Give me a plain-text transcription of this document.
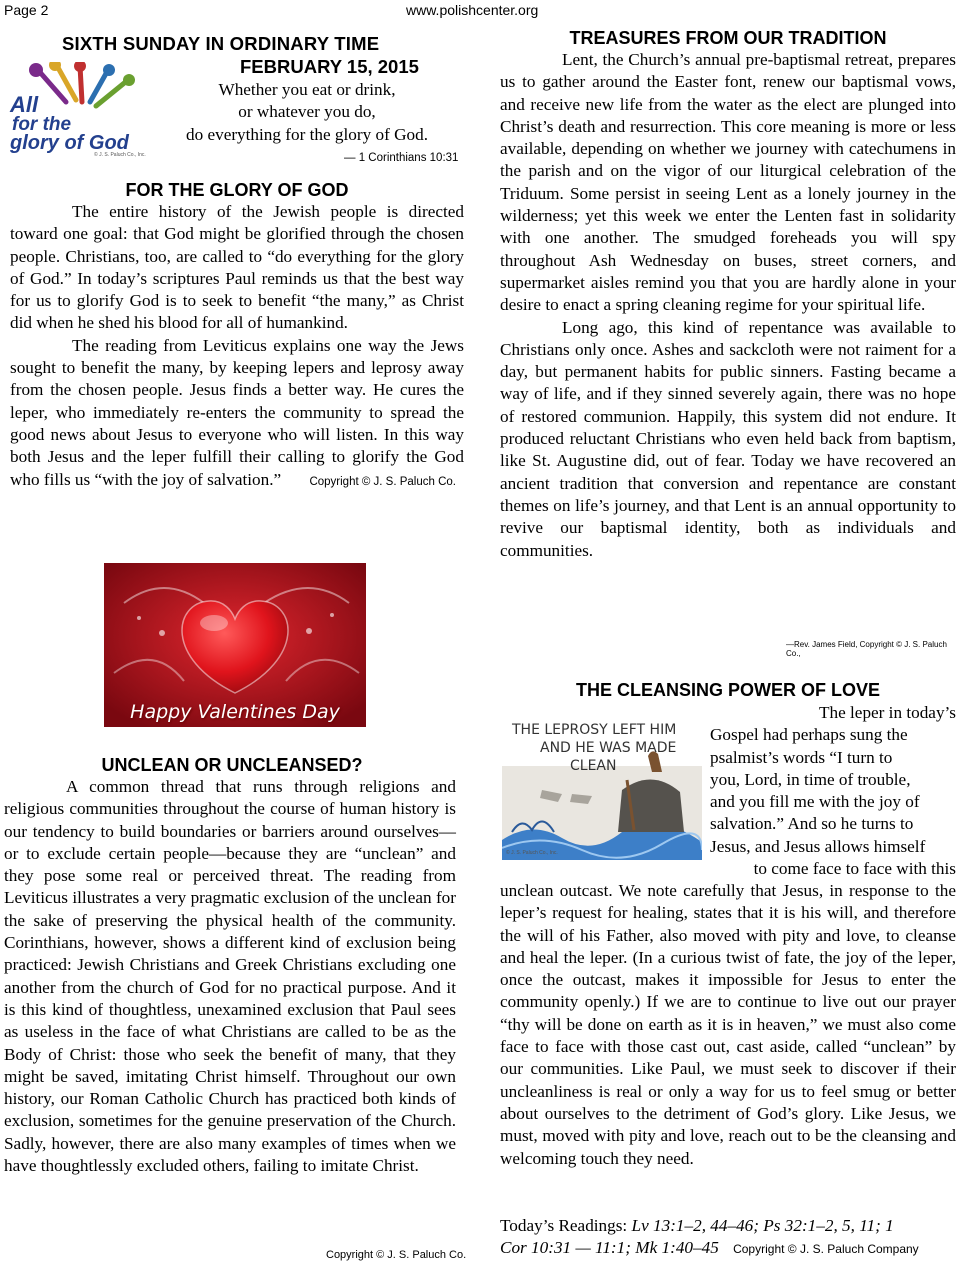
Page 2	www.polishcenter.org
SIXTH SUNDAY IN ORDINARY TIME
FEBRUARY 15, 2015
All
for the
glory of God
© J. S. Paluch Co., Inc.
Whether you eat or drink,
or whatever you do,
do everything for the glory of God.
— 1 Corinthians 10:31
FOR THE GLORY OF GOD

The entire history of the Jewish people is directed toward one goal: that God might be glorified through the chosen people. Christians, too, are called to “do everything for the glory of God.” In today’s scriptures Paul reminds us that the best way for us to glorify God is to seek to benefit “the many,” as Christ did when he shed his blood for all of humankind.

The reading from Leviticus explains one way the Jews sought to benefit the many, by keeping lepers and leprosy away from the chosen people. Jesus finds a better way. He cures the leper, who immediately re-enters the community to spread the good news about Jesus to everyone who will listen. In this way both Jesus and the leper fulfill their calling to glorify the God who fills us “with the joy of salvation.” Copyright © J. S. Paluch Co.

Happy Valentines Day
UNCLEAN OR UNCLEANSED?

A common thread that runs through religions and religious communities throughout the course of human history is our tendency to build boundaries or barriers around ourselves—or to exclude certain people—because they are “unclean” and they pose some real or perceived threat. The reading from Leviticus illustrates a very pragmatic exclusion of the unclean for the sake of preserving the physical health of the community. Corinthians, however, shows a different kind of exclusion being practiced: Jewish Christians and Greek Christians excluding one another from the church of God for no practical purpose. And it is this kind of thoughtless, unexamined exclusion that Paul sees as useless in the face of what Christians are called to be as the Body of Christ: those who seek the benefit of many, that they might be saved, imitating Christ himself. Throughout our own history, our Roman Catholic Church has practiced both kinds of exclusion, sometimes for the genuine preservation of the Church. Sadly, however, there are also many examples of times when we have thoughtlessly excluded others, failing to imitate Christ.

Copyright © J. S. Paluch Co.
TREASURES FROM OUR TRADITION

Lent, the Church’s annual pre-baptismal retreat, prepares us to gather around the Easter font, renew our baptismal vows, and receive new life from the water as the elect are plunged into Christ’s death and resurrection. This core meaning is more or less available, depending on whether we journey with catechumens in the parish and on the vigor of our liturgical celebration of the Triduum. Some persist in seeing Lent as a lonely journey in the wilderness; yet this week we enter the Lenten fast in solidarity with one another. The smudged foreheads you will spy throughout Ash Wednesday on buses, street corners, and supermarket aisles remind you that you are hardly alone in your desire to enact a spring cleaning regime for your spiritual life.

Long ago, this kind of repentance was available to Christians only once. Ashes and sackcloth were not raiment for a day, but permanent habits for public sinners. Fasting became a way of life, and if they sinned severely again, there was no hope of restored communion. Happily, this system did not endure. It produced reluctant Christians who even held back from baptism, like St. Augustine did, out of fear. Today we have recovered an ancient tradition that conversion and repentance are constant themes on life’s journey, and that Lent is an annual opportunity to revive our baptismal identity, both as individuals and communities.

—Rev. James Field, Copyright © J. S. Paluch Co.,
THE CLEANSING POWER OF LOVE
THE LEPROSY LEFT HIM
AND HE WAS MADE
CLEAN
© J. S. Paluch Co., Inc.
The leper in today’s
Gospel had perhaps sung the
psalmist’s words “I turn to
you, Lord, in time of trouble,
and you fill me with the joy of
salvation.” And so he turns to
Jesus, and Jesus allows himself
to come face to face with this

unclean outcast. We note carefully that Jesus, in response to the leper’s request for healing, states that it is his will, and therefore the will of his Father, also moved with pity and love, to cleanse and heal the leper. (In a curious twist of fate, the joy of the leper, once the outcast, makes it impossible for Jesus to enter the community openly.) If we are to continue to live out our prayer “thy will be done on earth as it is in heaven,” we must also come face to face with those cast out, cast aside, called “unclean” by our communities. Like Paul, we must seek to discover if their uncleanliness is real or only a way for us to feel smug or better about ourselves to the detriment of God’s glory. Like Jesus, we must, moved with pity and love, reach out to be the cleansing and welcoming touch they need.

Today’s Readings: Lv 13:1–2, 44–46; Ps 32:1–2, 5, 11; 1
Cor 10:31 — 11:1; Mk 1:40–45 Copyright © J. S. Paluch Company
